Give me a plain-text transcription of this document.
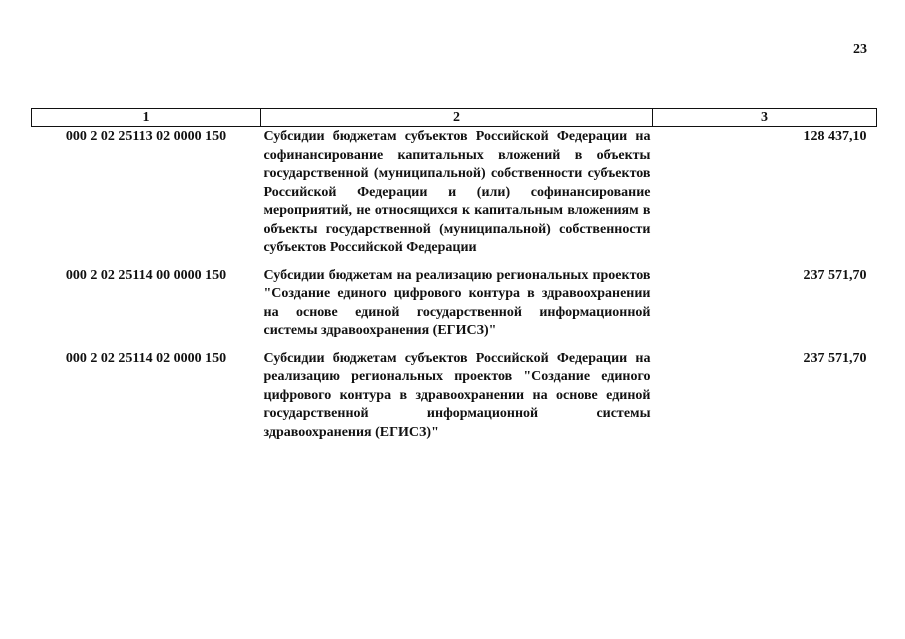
23
1	2	3
000 2 02 25113 02 0000 150	Субсидии бюджетам субъектов Российской Федерации на софинансирование капитальных вложений в объекты государственной (муниципальной) собственности субъектов Российской Федерации и (или) софинансирование мероприятий, не относящихся к капитальным вложениям в объекты государственной (муниципальной) собственности субъектов Российской Федерации	128 437,10
000 2 02 25114 00 0000 150	Субсидии бюджетам на реализацию региональных проектов "Создание единого цифрового контура в здравоохранении на основе единой государственной информационной системы здравоохранения (ЕГИСЗ)"	237 571,70
000 2 02 25114 02 0000 150	Субсидии бюджетам субъектов Российской Федерации на реализацию региональных проектов "Создание единого цифрового контура в здравоохранении на основе единой государственной информационной системы здравоохранения (ЕГИСЗ)"	237 571,70
